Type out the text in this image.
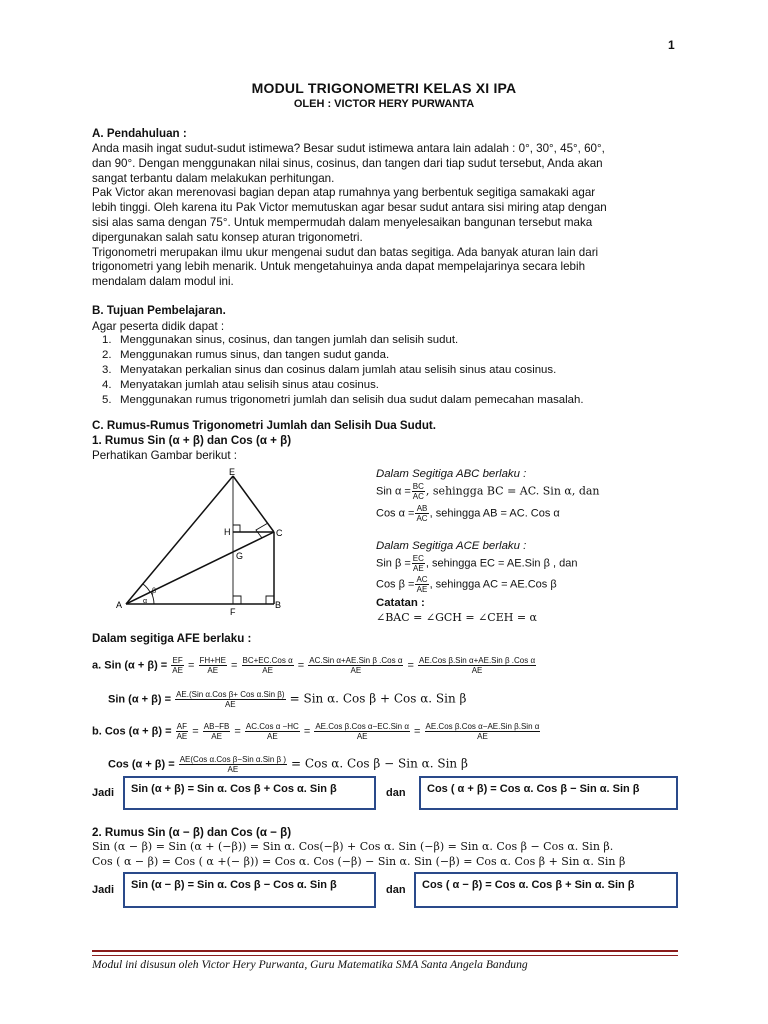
1
MODUL TRIGONOMETRI KELAS XI IPA
OLEH : VICTOR HERY PURWANTA
A. Pendahuluan :
Anda masih ingat sudut-sudut istimewa? Besar sudut istimewa antara lain adalah : 0°, 30°, 45°, 60°,
dan 90°. Dengan menggunakan nilai sinus, cosinus, dan tangen dari tiap sudut tersebut, Anda akan
sangat terbantu dalam melakukan perhitungan.
Pak Victor akan merenovasi bagian depan atap rumahnya yang berbentuk segitiga samakaki agar
lebih tinggi. Oleh karena itu Pak Victor memutuskan agar besar sudut antara sisi miring atap dengan
sisi alas sama dengan 75°. Untuk mempermudah dalam menyelesaikan bangunan tersebut maka
dipergunakan salah satu konsep aturan trigonometri.
Trigonometri merupakan ilmu ukur mengenai sudut dan batas segitiga. Ada banyak aturan lain dari
trigonometri yang lebih menarik. Untuk mengetahuinya anda dapat mempelajarinya secara lebih
mendalam dalam modul ini.
B. Tujuan Pembelajaran.
Agar peserta didik dapat :
1. Menggunakan sinus, cosinus, dan tangen jumlah dan selisih sudut.
2. Menggunakan rumus sinus, dan tangen sudut ganda.
3. Menyatakan perkalian sinus dan cosinus dalam jumlah atau selisih sinus atau cosinus.
4. Menyatakan jumlah atau selisih sinus atau cosinus.
5. Menggunakan rumus trigonometri jumlah dan selisih dua sudut dalam pemecahan masalah.
C. Rumus-Rumus Trigonometri Jumlah dan Selisih Dua Sudut.
1. Rumus Sin (α + β) dan Cos (α + β)
Perhatikan Gambar berikut :
E
H	C
G
A
F
B
α
β
Dalam Segitiga ABC berlaku :
Sin $\alpha = \frac{BC}{AC}$ , sehingga BC = AC. Sin α, dan
Cos $\alpha = \frac{AB}{AC}$ , sehingga AB = AC. Cos α
Dalam Segitiga ACE berlaku :
Sin $\beta = \frac{EC}{AE}$ , sehingga EC = AE.Sin β , dan
Cos $\beta = \frac{AC}{AE}$ , sehingga AC = AE.Cos β
Catatan :
∠BAC = ∠GCH = ∠CEH = α
Dalam segitiga AFE berlaku :
a. Sin $(\alpha + \beta) = \frac{EF}{AE} = \frac{FH+HE}{AE} = \frac{\text{BC+EC.Cos α}}{AE} = \frac{\text{AC.Sin α+AE.Sin β .Cos α}}{AE} = \frac{\text{AE.Cos β.Sin α+AE.Sin β .Cos α}}{AE}$
Sin $(\alpha + \beta) = \frac{\text{AE.(Sin α.Cos β+ Cos α.Sin β)}}{AE}$ = Sin α. Cos β + Cos α. Sin β
b. Cos $(\alpha + \beta) = \frac{AF}{AE} = \frac{AB-FB}{AE} = \frac{\text{AC.Cos α −HC}}{AE} = \frac{\text{AE.Cos β.Cos α−EC.Sin α}}{AE} = \frac{\text{AE.Cos β.Cos α−AE.Sin β.Sin α}}{AE}$
Cos $(\alpha + \beta) = \frac{\text{AE(Cos α.Cos β−Sin α.Sin β )}}{AE}$ = Cos α. Cos β − Sin α. Sin β
Jadi	Sin (α + β) = Sin α. Cos β + Cos α. Sin β	dan	Cos ( α + β) = Cos α. Cos β − Sin α. Sin β
2. Rumus Sin (α − β) dan Cos (α − β)
Sin (α − β) = Sin (α + (−β)) = Sin α. Cos(−β) + Cos α. Sin (−β) = Sin α. Cos β − Cos α. Sin β.
Cos ( α − β) = Cos ( α +(− β)) = Cos α. Cos (−β) − Sin α. Sin (−β) = Cos α. Cos β + Sin α. Sin β
Jadi	Sin (α − β) = Sin α. Cos β − Cos α. Sin β	dan	Cos ( α − β) = Cos α. Cos β + Sin α. Sin β
Modul ini disusun oleh Victor Hery Purwanta, Guru Matematika SMA Santa Angela Bandung
